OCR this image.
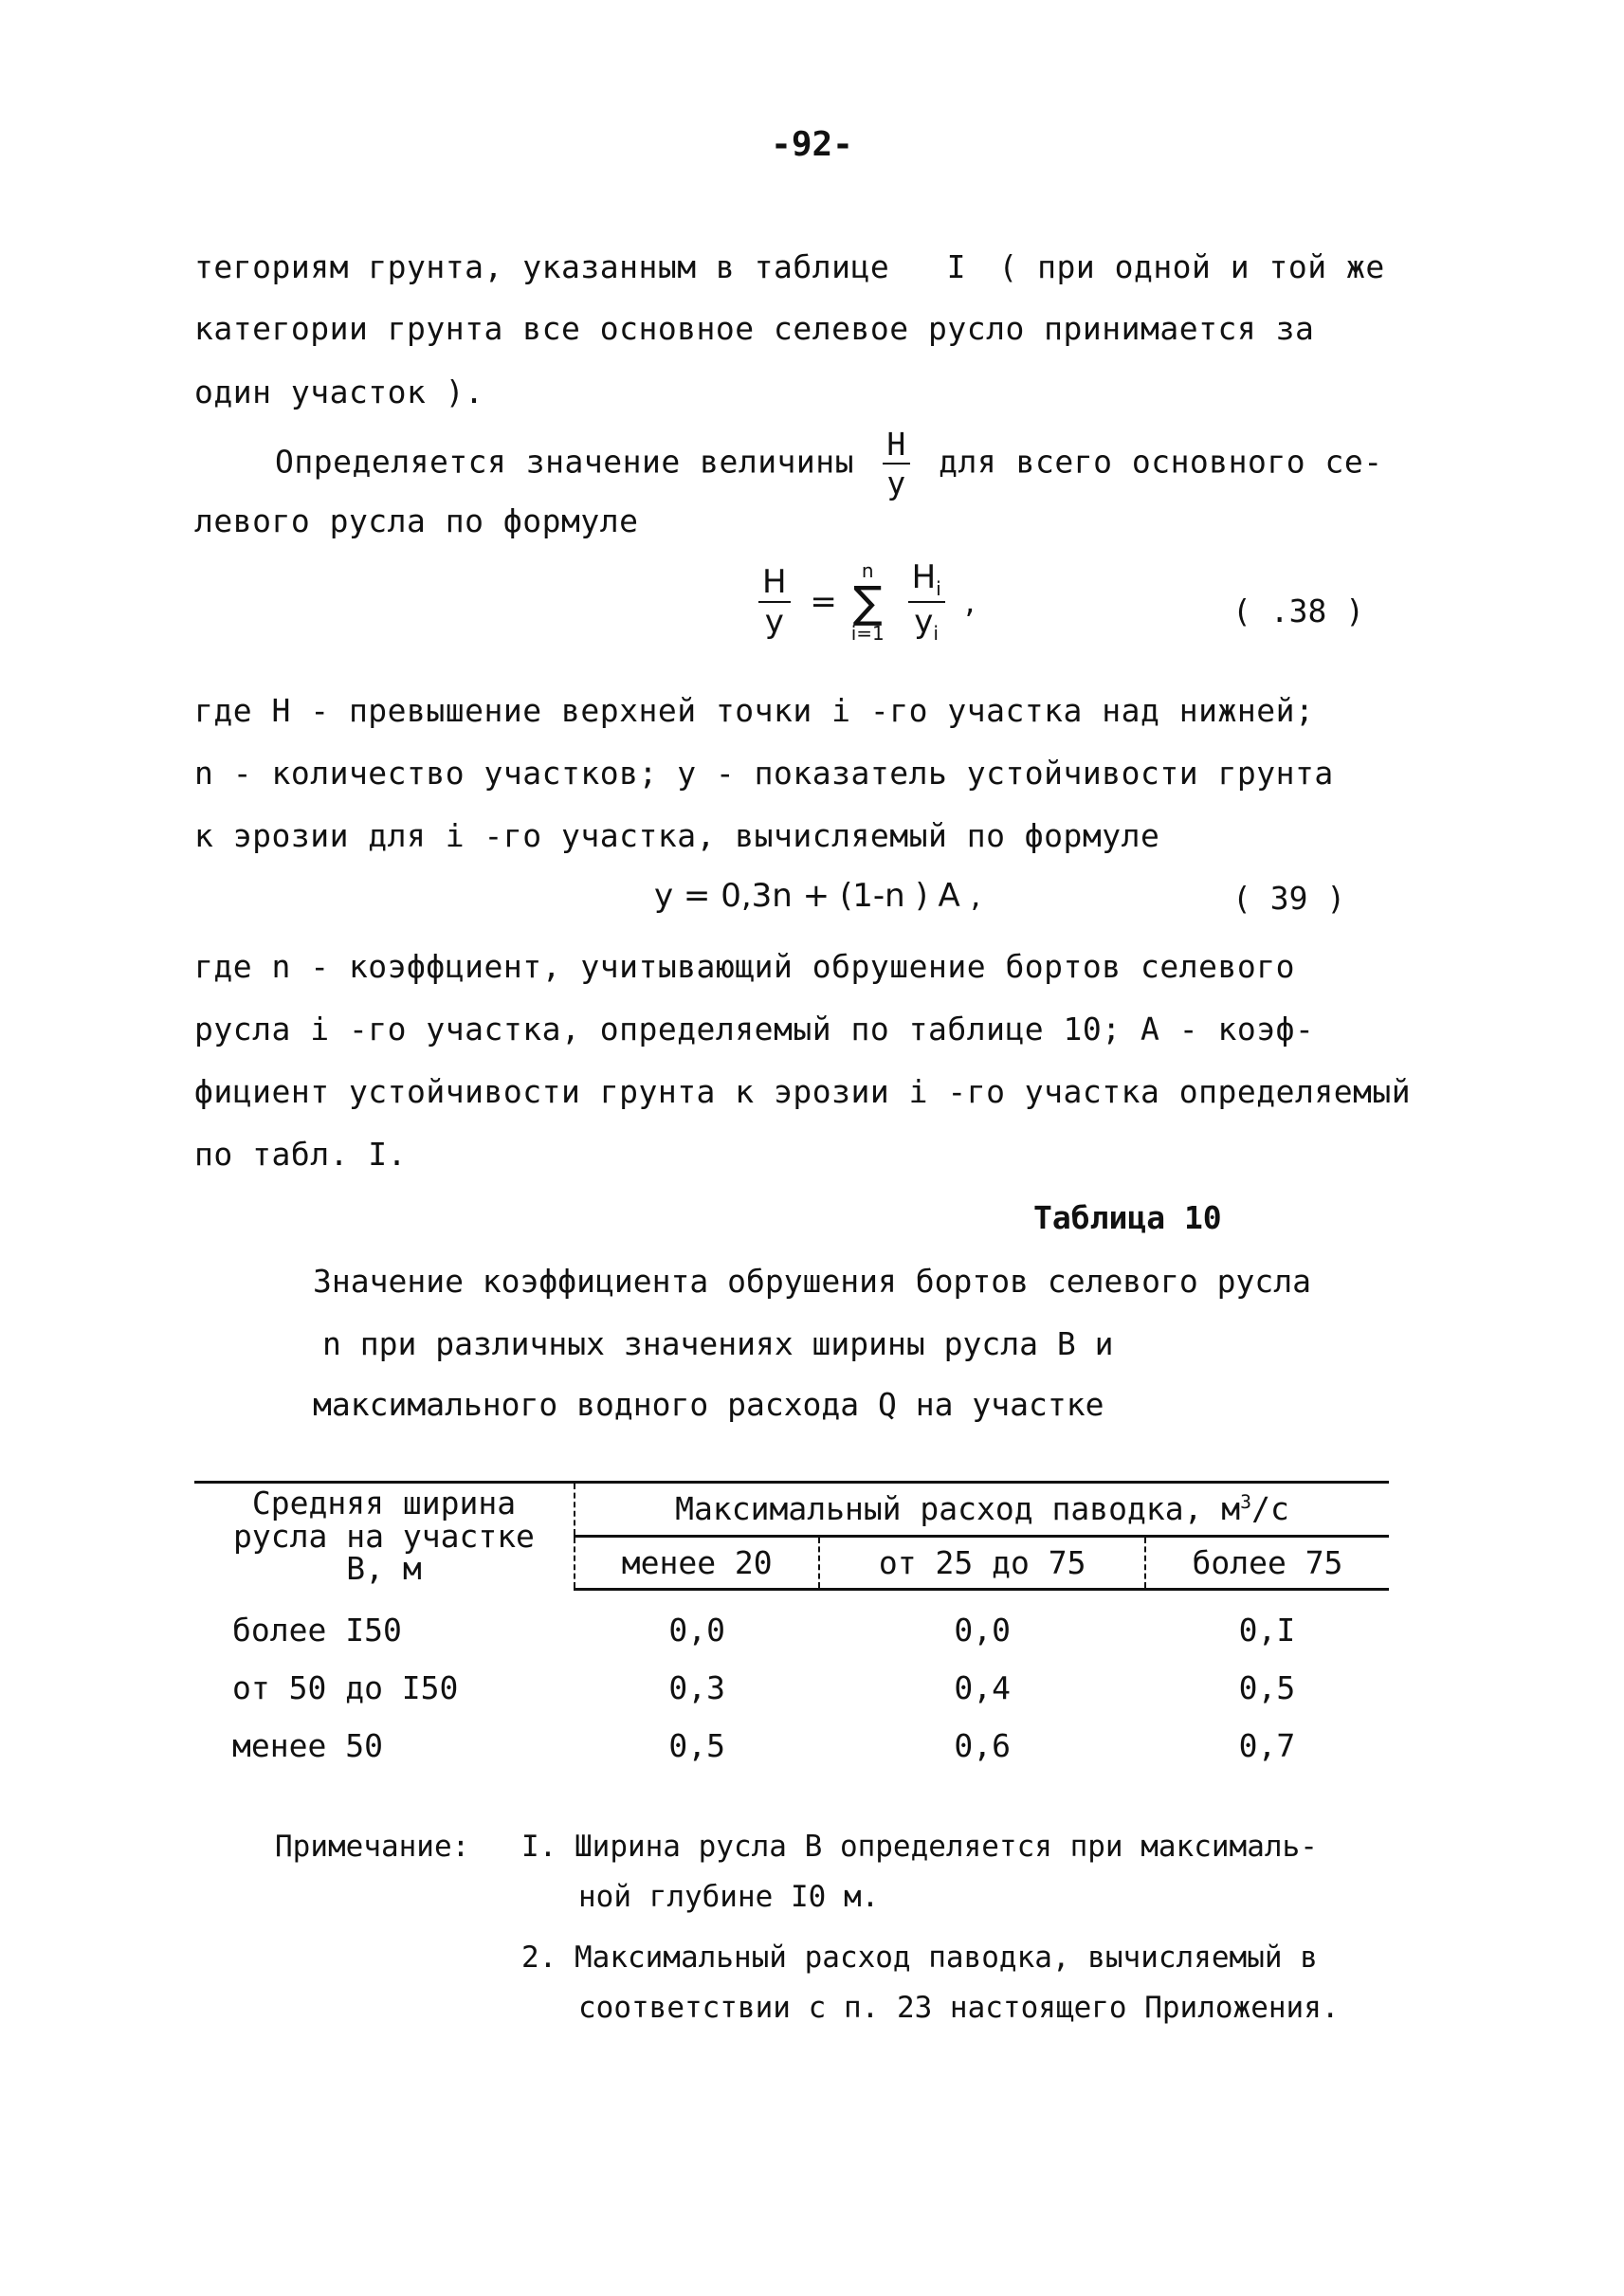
-92-
тегориям грунта, указанным в таблице I ( при одной и той же
категории грунта все основное селевое русло принимается за
один участок ).
Определяется значение величины $\frac{H}{y}$ для всего основного се-
левого русла по формуле
$\frac{H}{y}$ =
n
∑
i=1
$\frac{H_i}{y_i}$ ,	( .38 )
где H - превышение верхней точки i -го участка над нижней;
n - количество участков; y - показатель устойчивости грунта
к эрозии для i -го участка, вычисляемый по формуле
y = 0,3n + (1-n ) A ,	( 39 )
где n - коэффциент, учитывающий обрушение бортов селевого
русла i -го участка, определяемый по таблице 10; A - коэф-
фициент устойчивости грунта к эрозии i -го участка определяемый
по табл. I.
Таблица 10
Значение коэффициента обрушения бортов селевого русла
n при различных значениях ширины русла B и
максимального водного расхода Q на участке
Средняя ширина
русла на участке
B, м	Максимальный расход паводка, $м^3/с$		
	менее 20	от 25 до 75	более 75
более I50	0,0	0,0	0,I
от 50 до I50	0,3	0,4	0,5
менее 50	0,5	0,6	0,7
Примечание: I. Ширина русла B определяется при максималь-
ной глубине I0 м.
2. Максимальный расход паводка, вычисляемый в
соответствии с п. 23 настоящего Приложения.
